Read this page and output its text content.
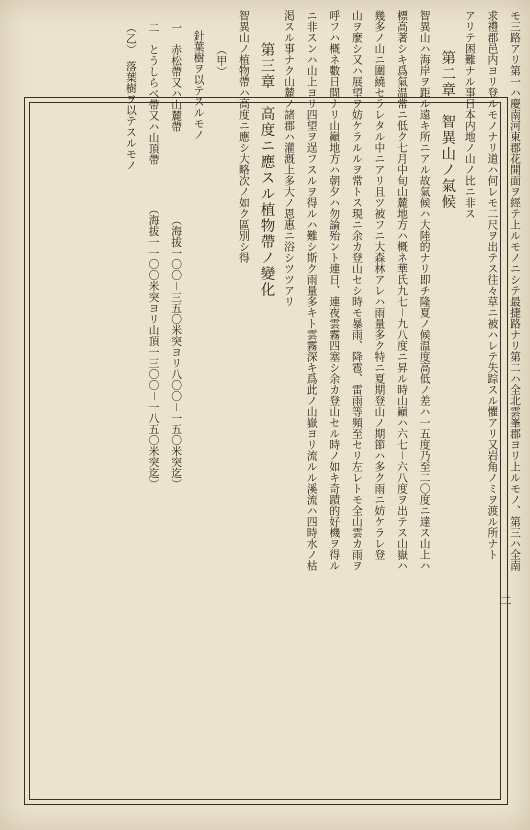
二
モ三路アリ第一ハ慶南河東郡花開面ヲ經テ上ルモノニシテ最捷路ナリ第二ハ全北雲峯郡ヨリ上ルモノ、第三ハ全南
求禮郡邑内ヨリ登ルモノナリ道ハ何レモ二尺ヲ出テス往々草ニ被ハレテ失踪スル懼アリ又岩角ノミヲ渡ル所ナト
アリテ困難ナル事日本内地ノ山ノ比ニ非ス
第二章　智異山ノ氣候
智異山ハ海岸ヲ距ル遠キ所ニアル故氣候ハ大陸的ナリ即チ隆夏ノ候温度高低ノ差ハ一五度乃至二〇度ニ達ス山上ハ
標高著シキ爲氣温常ニ低ク七月中旬山麓地方ハ概ネ華氏九七－九八度ニ昇ル時山巓ハ六七－六八度ヲ出テス山嶽ハ
幾多ノ山ニ圍繞セラレタル中ニアリ且ツ被フニ大森林アレハ雨量多ク特ニ夏期登山ノ期節ハ多ク雨ニ妨ケラレ登
山ヲ麼シ又ハ展望ヲ妨ケラルルヲ常トス現ニ余カ登山セシ時モ暴雨、降雹、雷雨等頻至セリ左レトモ全山雲カ雨ヲ
呼フハ概ネ數日間ナリ山巓地方ハ朝夕ハ勿論殆ント連日、連夜雲霧四塞シ余カ登山セル時ノ如キ奇蹟的好機ヲ得ル
ニ非スンハ山上ヨリ四望ヲ逞フスルヲ得ルハ難シ斯ク雨量多キト雲霧深キ爲此ノ山嶽ヨリ流ルル溪流ハ四時水ノ枯
渇スル事ナク山麓ノ諸郡ハ灌漑上多大ノ恩惠ニ浴シツツアリ
第三章　高度ニ應スル植物帶ノ變化
智異山ノ植物帶ハ高度ニ應シ大略次ノ如ク區別シ得
（甲）
針葉樹ヲ以テスルモノ
一　赤松帶又ハ山麓帶　　　　　　　　（海拔一〇〇－三五〇米突ヨリ八〇〇－一五〇米突迄）
二　とうしらべ帶又ハ山頂帶　　　　（海拔一一〇〇米突ヨリ山頂一三〇〇－一八五〇米突迄）
（乙）　落葉樹ヲ以テスルモノ
